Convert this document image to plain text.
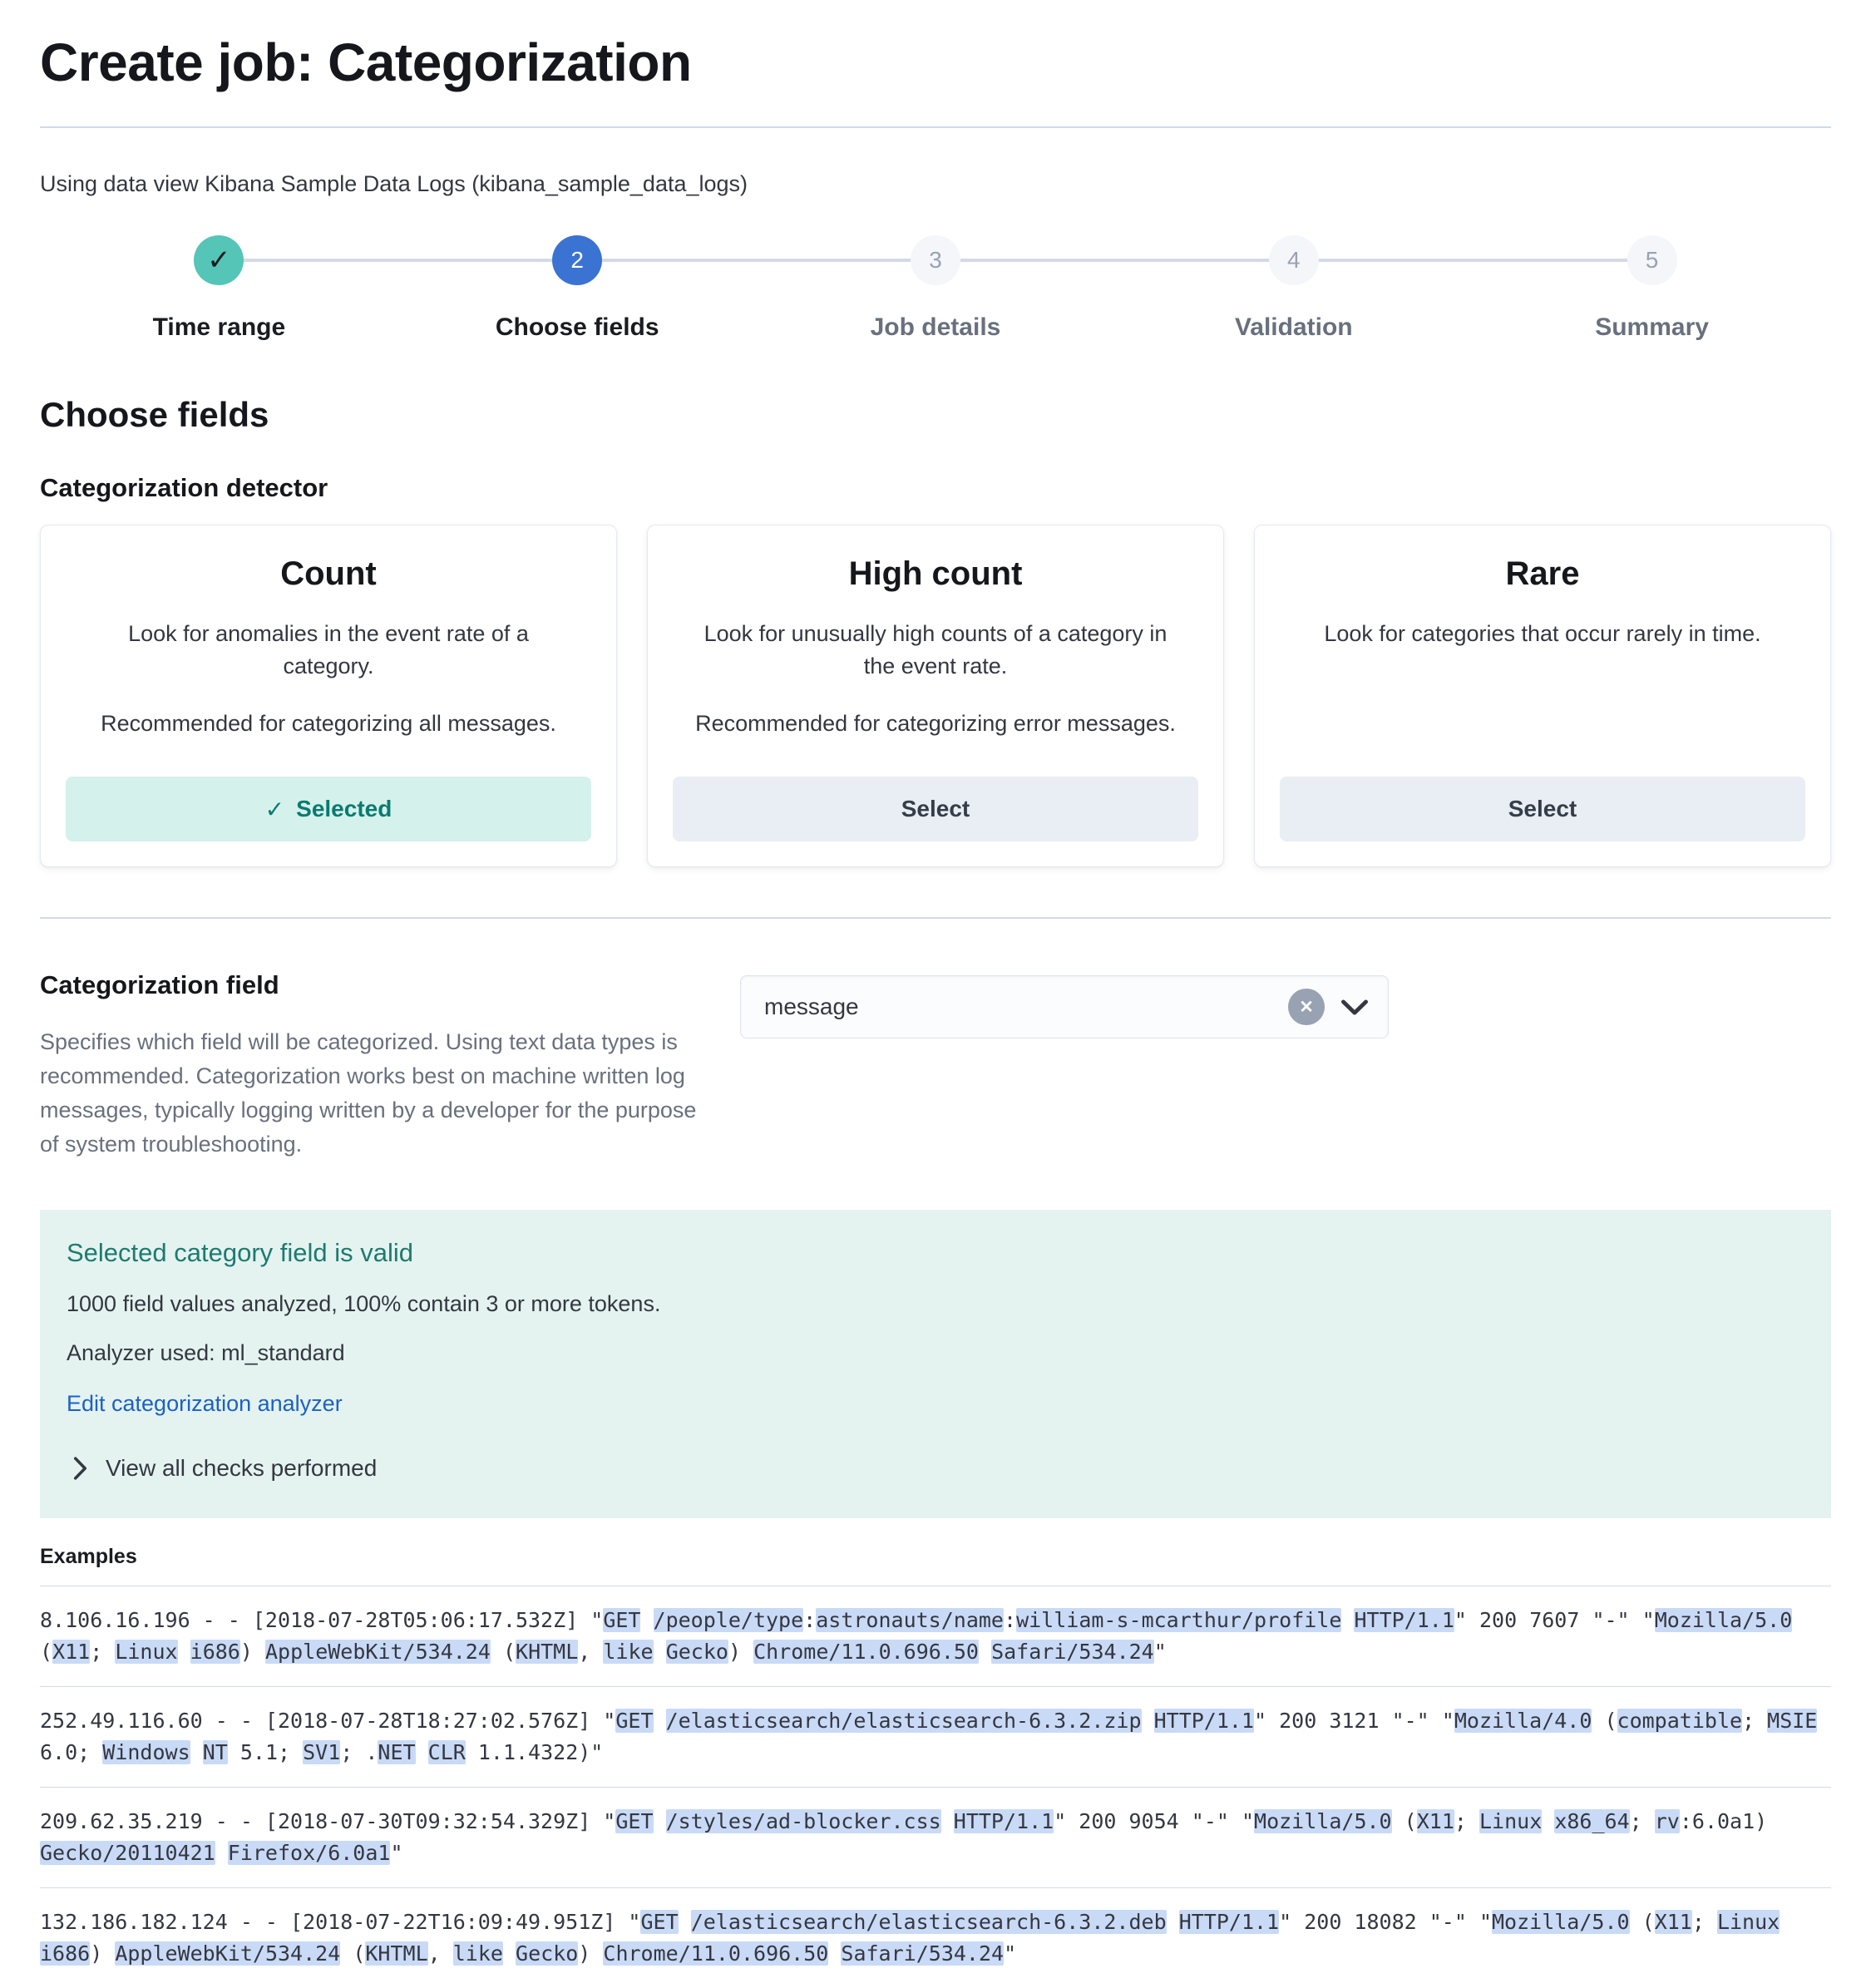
Create job: Categorization
Using data view Kibana Sample Data Logs (kibana_sample_data_logs)
✓
Time range
2
Choose fields
3
Job details
4
Validation
5
Summary
Choose fields
Categorization detector
Count
Look for anomalies in the event rate of a category.
Recommended for categorizing all messages.
✓ Selected
High count
Look for unusually high counts of a category in the event rate.
Recommended for categorizing error messages.
Select
Rare
Look for categories that occur rarely in time.
Select
Categorization field
Specifies which field will be categorized. Using text data types is recommended. Categorization works best on machine written log messages, typically logging written by a developer for the purpose of system troubleshooting.
message	✕
Selected category field is valid
1000 field values analyzed, 100% contain 3 or more tokens.
Analyzer used: ml_standard
Edit categorization analyzer
View all checks performed
Examples
8.106.16.196 - - [2018-07-28T05:06:17.532Z] "GET /people/type:astronauts/name:william-s-mcarthur/profile HTTP/1.1" 200 7607 "-" "Mozilla/5.0 (X11; Linux i686) AppleWebKit/534.24 (KHTML, like Gecko) Chrome/11.0.696.50 Safari/534.24"
252.49.116.60 - - [2018-07-28T18:27:02.576Z] "GET /elasticsearch/elasticsearch-6.3.2.zip HTTP/1.1" 200 3121 "-" "Mozilla/4.0 (compatible; MSIE 6.0; Windows NT 5.1; SV1; .NET CLR 1.1.4322)"
209.62.35.219 - - [2018-07-30T09:32:54.329Z] "GET /styles/ad-blocker.css HTTP/1.1" 200 9054 "-" "Mozilla/5.0 (X11; Linux x86_64; rv:6.0a1) Gecko/20110421 Firefox/6.0a1"
132.186.182.124 - - [2018-07-22T16:09:49.951Z] "GET /elasticsearch/elasticsearch-6.3.2.deb HTTP/1.1" 200 18082 "-" "Mozilla/5.0 (X11; Linux i686) AppleWebKit/534.24 (KHTML, like Gecko) Chrome/11.0.696.50 Safari/534.24"
